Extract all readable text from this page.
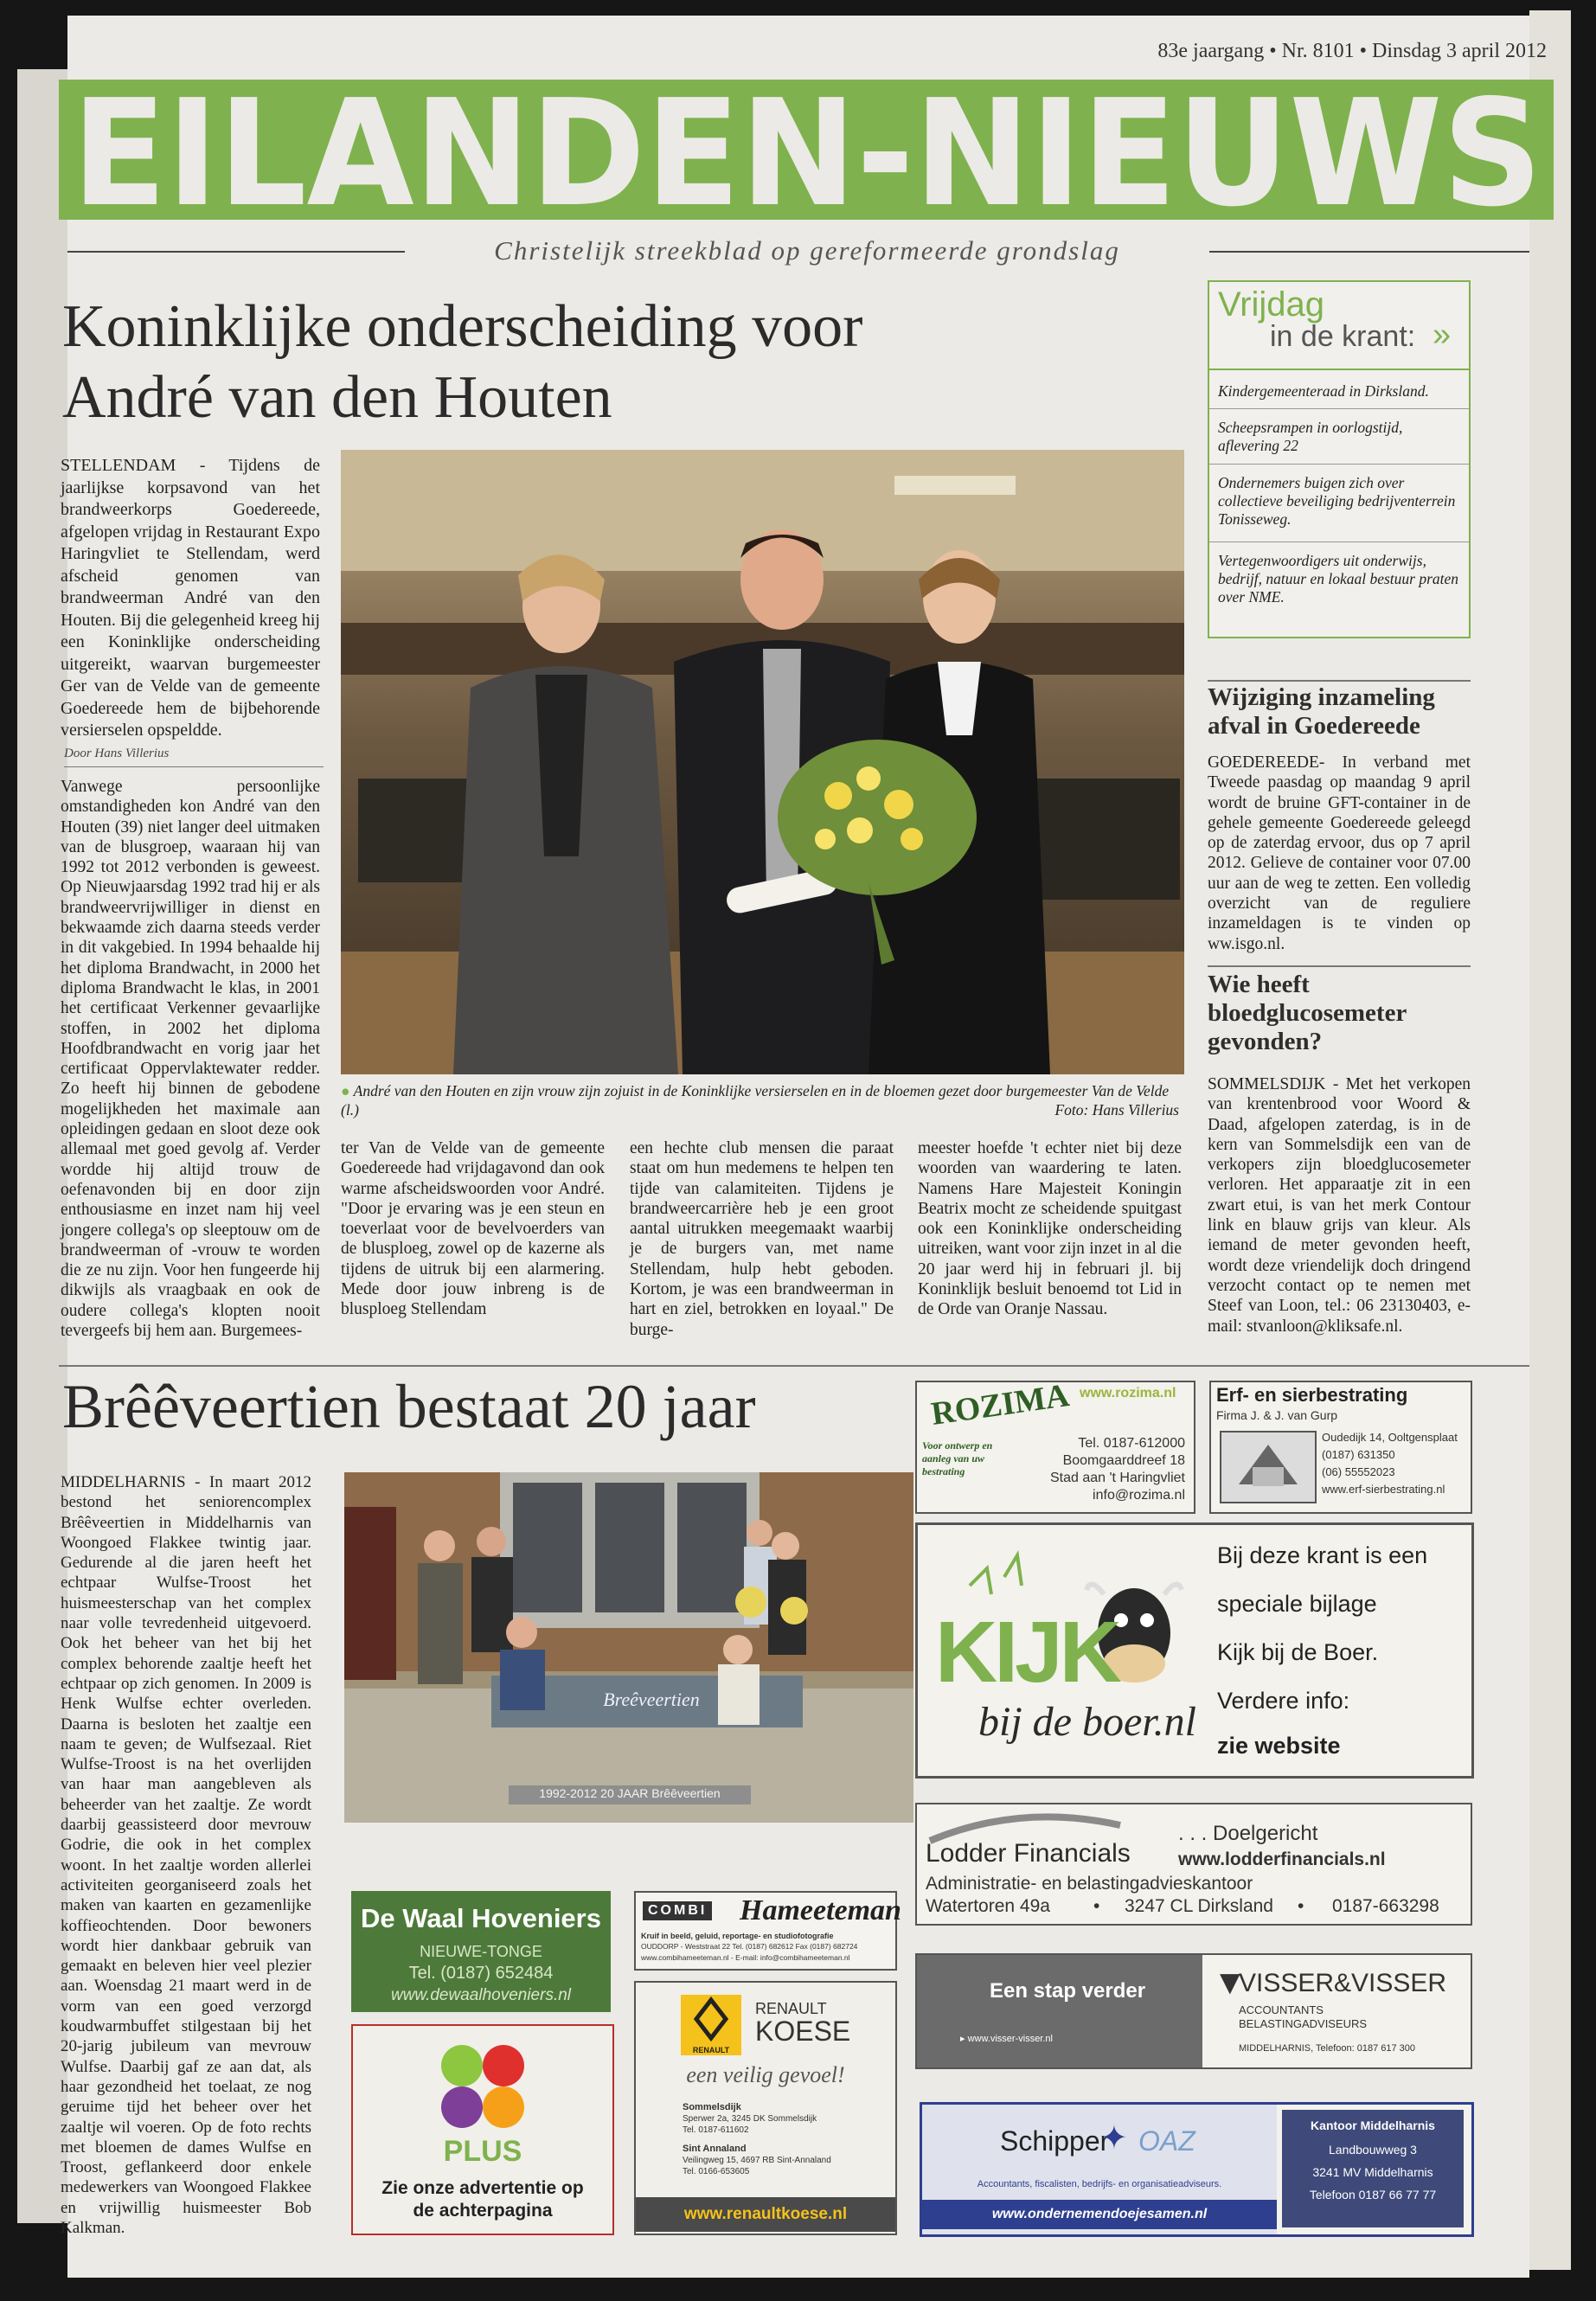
83e jaargang • Nr. 8101 • Dinsdag 3 april 2012
EILANDEN-NIEUWS
Christelijk streekblad op gereformeerde grondslag
Koninklijke onderscheiding voor
André van den Houten
STELLENDAM - Tijdens de jaarlijkse korpsavond van het brandweerkorps Goedereede, afgelopen vrijdag in Restaurant Expo Haringvliet te Stellendam, werd afscheid genomen van brandweerman André van den Houten. Bij die gelegenheid kreeg hij een Koninklijke onderscheiding uitgereikt, waarvan burgemeester Ger van de Velde van de gemeente Goedereede hem de bijbehorende versierselen opspeldde.
Door Hans Villerius
Vanwege persoonlijke omstandigheden kon André van den Houten (39) niet langer deel uitmaken van de blusgroep, waaraan hij van 1992 tot 2012 verbonden is geweest. Op Nieuwjaarsdag 1992 trad hij er als brandweervrijwilliger in dienst en bekwaamde zich daarna steeds verder in dit vakgebied. In 1994 behaalde hij het diploma Brandwacht, in 2000 het diploma Brandwacht le klas, in 2001 het certificaat Verkenner gevaarlijke stoffen, in 2002 het diploma Hoofdbrandwacht en vorig jaar het certificaat Oppervlaktewater redder. Zo heeft hij binnen de gebodene mogelijkheden het maximale aan opleidingen gedaan en sloot deze ook allemaal met goed gevolg af. Verder wordde hij altijd trouw de oefenavonden bij en door zijn enthousiasme en inzet nam hij veel jongere collega's op sleeptouw om de brandweerman of -vrouw te worden die ze nu zijn. Voor hen fungeerde hij dikwijls als vraagbaak en ook de oudere collega's klopten nooit tevergeefs bij hem aan. Burgemees-
● André van den Houten en zijn vrouw zijn zojuist in de Koninklijke versierselen en in de bloemen gezet door burgemeester Van de Velde (l.)	Foto: Hans Villerius
ter Van de Velde van de gemeente Goedereede had vrijdagavond dan ook warme afscheidswoorden voor André. "Door je ervaring was je een steun en toeverlaat voor de bevelvoerders van de blusploeg, zowel op de kazerne als tijdens de uitruk bij een alarmering. Mede door jouw inbreng is de blusploeg Stellendam
een hechte club mensen die paraat staat om hun medemens te helpen ten tijde van calamiteiten. Tijdens je brandweercarrière heb je een groot aantal uitrukken meegemaakt waarbij je de burgers van, met name Stellendam, hulp hebt geboden. Kortom, je was een brandweerman in hart en ziel, betrokken en loyaal." De burge-
meester hoefde 't echter niet bij deze woorden van waardering te laten. Namens Hare Majesteit Koningin Beatrix mocht ze scheidende spuitgast ook een Koninklijke onderscheiding uitreiken, want voor zijn inzet in al die 20 jaar werd hij in februari jl. bij Koninklijk besluit benoemd tot Lid in de Orde van Oranje Nassau.
Vrijdag
in de krant: »
Kindergemeenteraad in Dirksland.
Scheepsrampen in oorlogstijd, aflevering 22
Ondernemers buigen zich over collectieve beveiliging bedrijventerrein Tonisseweg.
Vertegenwoordigers uit onderwijs, bedrijf, natuur en lokaal bestuur praten over NME.
Wijziging inzameling afval in Goedereede
GOEDEREEDE- In verband met Tweede paasdag op maandag 9 april wordt de bruine GFT-container in de gehele gemeente Goedereede geleegd op de zaterdag ervoor, dus op 7 april 2012. Gelieve de container voor 07.00 uur aan de weg te zetten. Een volledig overzicht van de reguliere inzameldagen is te vinden op ww.isgo.nl.
Wie heeft bloedglucosemeter gevonden?
SOMMELSDIJK - Met het verkopen van krentenbrood voor Woord & Daad, afgelopen zaterdag, is in de kern van Sommelsdijk een van de verkopers zijn bloedglucosemeter verloren. Het apparaatje zit in een zwart etui, is van het merk Contour link en blauw grijs van kleur. Als iemand de meter gevonden heeft, wordt deze vriendelijk doch dringend verzocht contact op te nemen met Steef van Loon, tel.: 06 23130403, e-mail: stvanloon@kliksafe.nl.
Brêêveertien bestaat 20 jaar
MIDDELHARNIS - In maart 2012 bestond het seniorencomplex Brêêveertien in Middelharnis van Woongoed Flakkee twintig jaar. Gedurende al die jaren heeft het echtpaar Wulfse-Troost het huismeesterschap van het complex naar volle tevredenheid uitgevoerd. Ook het beheer van het bij het complex behorende zaaltje heeft het echtpaar op zich genomen. In 2009 is Henk Wulfse echter overleden. Daarna is besloten het zaaltje een naam te geven; de Wulfsezaal. Riet Wulfse-Troost is na het overlijden van haar man aangebleven als beheerder van het zaaltje. Ze wordt daarbij geassisteerd door mevrouw Godrie, die ook in het complex woont. In het zaaltje worden allerlei activiteiten georganiseerd zoals het maken van kaarten en gezamenlijke koffieochtenden. Door bewoners wordt hier dankbaar gebruik van gemaakt en beleven hier veel plezier aan. Woensdag 21 maart werd in de vorm van een goed verzorgd koudwarmbuffet stilgestaan bij het 20-jarig jubileum van mevrouw Wulfse. Daarbij gaf ze aan dat, als haar gezondheid het toelaat, ze nog geruime tijd het beheer over het zaaltje wil voeren. Op de foto rechts met bloemen de dames Wulfse en Troost, geflankeerd door enkele medewerkers van Woongoed Flakkee en vrijwillig huismeester Bob Kalkman.
Breêveertien
1992-2012 20 JAAR Brêêveertien
De Waal Hoveniers
NIEUWE-TONGE
Tel. (0187) 652484
www.dewaalhoveniers.nl
PLUS
Zie onze advertentie op
de achterpagina
COMBI Hameeteman
Kruif in beeld, geluid, reportage- en studiofotografie
OUDDORP - Weststraat 22 Tel. (0187) 682612 Fax (0187) 682724
www.combihameeteman.nl - E-mail: info@combihameeteman.nl
RENAULT
RENAULT
KOESE
een veilig gevoel!
Sommelsdijk
Sperwer 2a, 3245 DK Sommelsdijk
Tel. 0187-611602
Sint Annaland
Veilingweg 15, 4697 RB Sint-Annaland
Tel. 0166-653605
www.renaultkoese.nl
ROZIMA www.rozima.nl
Voor ontwerp en aanleg van uw bestrating
Tel. 0187-612000
Boomgaarddreef 18
Stad aan 't Haringvliet
info@rozima.nl
Erf- en sierbestrating
Firma J. & J. van Gurp
Oudedijk 14, Ooltgensplaat
(0187) 631350
(06) 55552023
www.erf-sierbestrating.nl
KIJK
bij de boer.nl
Bij deze krant is een
speciale bijlage
Kijk bij de Boer.
Verdere info:
zie website
Lodder Financials
. . . Doelgericht
www.lodderfinancials.nl
Administratie- en belastingadvieskantoor
Watertoren 49a • 3247 CL Dirksland • 0187-663298
Een stap verder
▸ www.visser-visser.nl
▼
VISSER&VISSER
ACCOUNTANTS
BELASTINGADVISEURS
MIDDELHARNIS, Telefoon: 0187 617 300
Schipper
✦ OAZ
Accountants, fiscalisten, bedrijfs- en organisatieadviseurs.
www.ondernemendoejesamen.nl
Kantoor Middelharnis
Landbouwweg 3
3241 MV Middelharnis
Telefoon 0187 66 77 77
